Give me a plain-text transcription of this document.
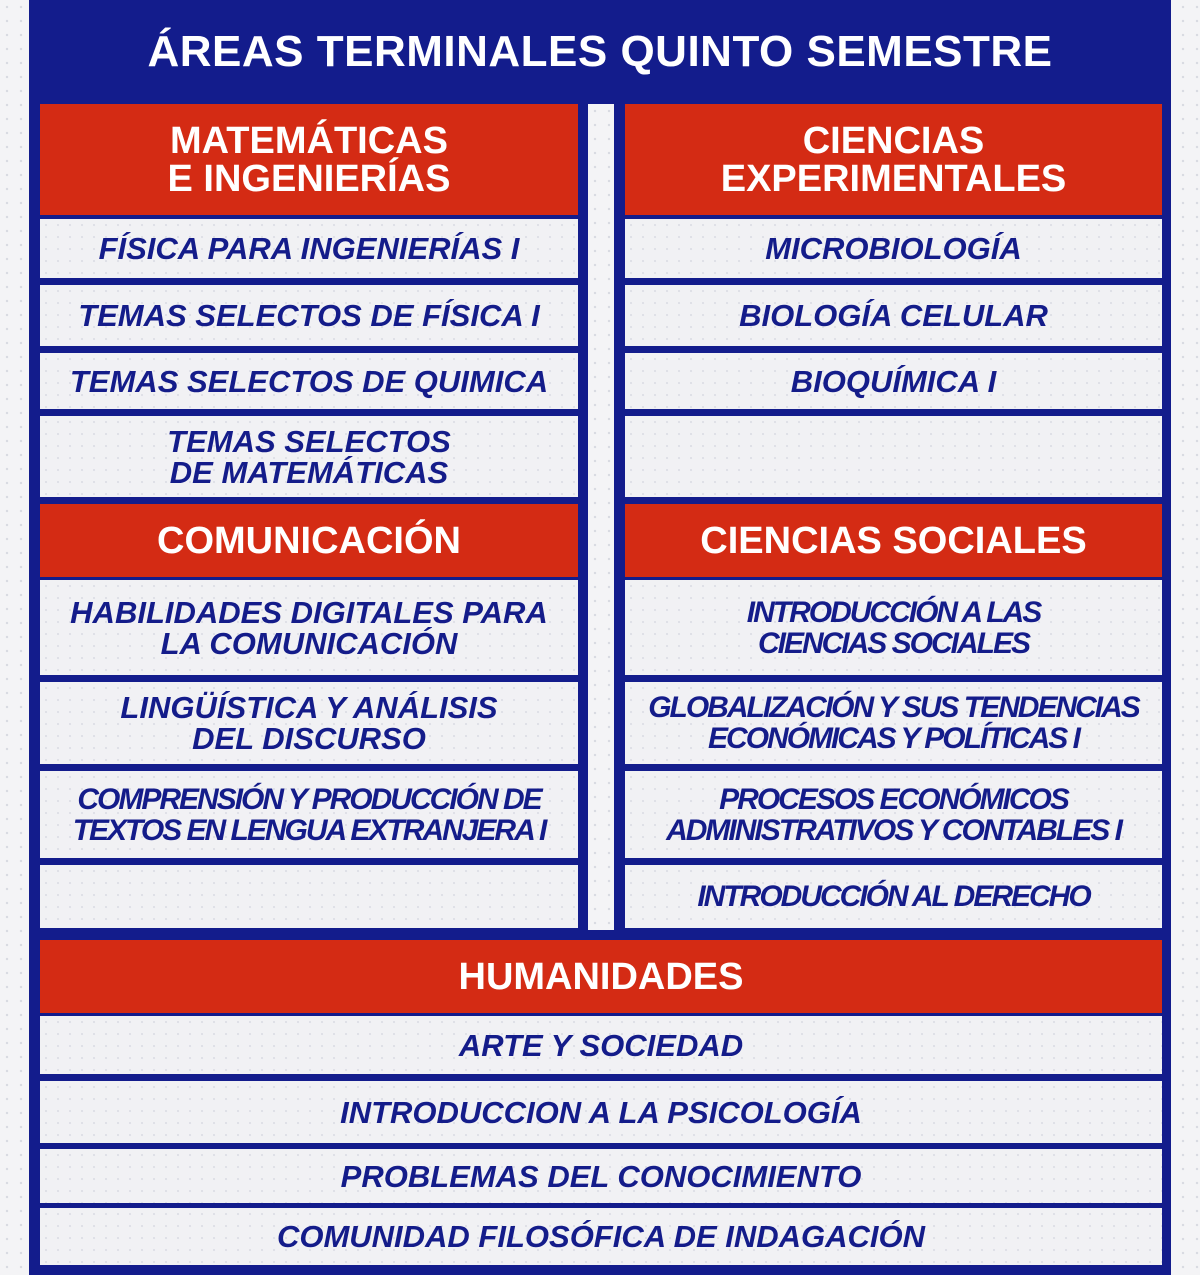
ÁREAS TERMINALES QUINTO SEMESTRE
MATEMÁTICAS
E INGENIERÍAS
FÍSICA PARA INGENIERÍAS I
TEMAS SELECTOS DE FÍSICA I
TEMAS SELECTOS DE QUIMICA
TEMAS SELECTOS
DE MATEMÁTICAS
CIENCIAS
EXPERIMENTALES
MICROBIOLOGÍA
BIOLOGÍA CELULAR
BIOQUÍMICA I
COMUNICACIÓN
HABILIDADES DIGITALES PARA
LA COMUNICACIÓN
LINGÜÍSTICA Y ANÁLISIS
DEL DISCURSO
COMPRENSIÓN Y PRODUCCIÓN DE
TEXTOS EN LENGUA EXTRANJERA I
CIENCIAS SOCIALES
INTRODUCCIÓN A LAS
CIENCIAS SOCIALES
GLOBALIZACIÓN Y SUS TENDENCIAS
ECONÓMICAS Y POLÍTICAS I
PROCESOS ECONÓMICOS
ADMINISTRATIVOS Y CONTABLES I
INTRODUCCIÓN AL DERECHO
HUMANIDADES
ARTE Y SOCIEDAD
INTRODUCCION A LA PSICOLOGÍA
PROBLEMAS DEL CONOCIMIENTO
COMUNIDAD FILOSÓFICA DE INDAGACIÓN
